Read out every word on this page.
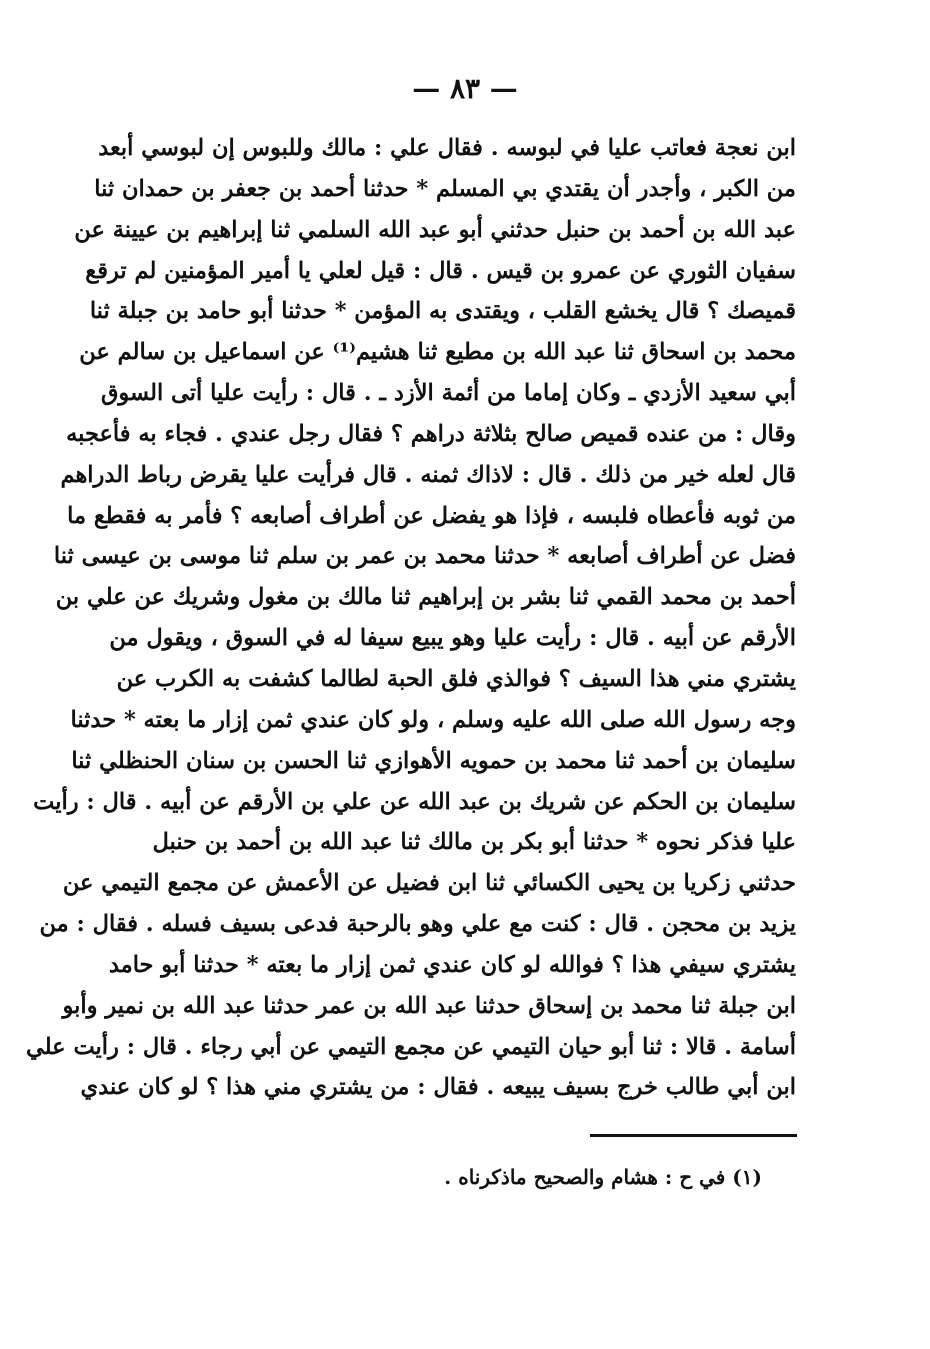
— ٨٣ —
ابن نعجة فعاتب عليا في لبوسه . فقال علي : مالك وللبوس إن لبوسي أبعد
من الكبر ، وأجدر أن يقتدي بي المسلم * حدثنا أحمد بن جعفر بن حمدان ثنا
عبد الله بن أحمد بن حنبل حدثني أبو عبد الله السلمي ثنا إبراهيم بن عيينة عن
سفيان الثوري عن عمرو بن قيس . قال : قيل لعلي يا أمير المؤمنين لم ترقع
قميصك ؟ قال يخشع القلب ، ويقتدى به المؤمن * حدثنا أبو حامد بن جبلة ثنا
محمد بن اسحاق ثنا عبد الله بن مطيع ثنا هشيم⁽¹⁾ عن اسماعيل بن سالم عن
أبي سعيد الأزدي ـ وكان إماما من أئمة الأزد ـ . قال : رأيت عليا أتى السوق
وقال : من عنده قميص صالح بثلاثة دراهم ؟ فقال رجل عندي . فجاء به فأعجبه
قال لعله خير من ذلك . قال : لاذاك ثمنه . قال فرأيت عليا يقرض رباط الدراهم
من ثوبه فأعطاه فلبسه ، فإذا هو يفضل عن أطراف أصابعه ؟ فأمر به فقطع ما
فضل عن أطراف أصابعه * حدثنا محمد بن عمر بن سلم ثنا موسى بن عيسى ثنا
أحمد بن محمد القمي ثنا بشر بن إبراهيم ثنا مالك بن مغول وشريك عن علي بن
الأرقم عن أبيه . قال : رأيت عليا وهو يبيع سيفا له في السوق ، ويقول من
يشتري مني هذا السيف ؟ فوالذي فلق الحبة لطالما كشفت به الكرب عن
وجه رسول الله صلى الله عليه وسلم ، ولو كان عندي ثمن إزار ما بعته * حدثنا
سليمان بن أحمد ثنا محمد بن حمويه الأهوازي ثنا الحسن بن سنان الحنظلي ثنا
سليمان بن الحكم عن شريك بن عبد الله عن علي بن الأرقم عن أبيه . قال : رأيت
عليا فذكر نحوه * حدثنا أبو بكر بن مالك ثنا عبد الله بن أحمد بن حنبل
حدثني زكريا بن يحيى الكسائي ثنا ابن فضيل عن الأعمش عن مجمع التيمي عن
يزيد بن محجن . قال : كنت مع علي وهو بالرحبة فدعى بسيف فسله . فقال : من
يشتري سيفي هذا ؟ فوالله لو كان عندي ثمن إزار ما بعته * حدثنا أبو حامد
ابن جبلة ثنا محمد بن إسحاق حدثنا عبد الله بن عمر حدثنا عبد الله بن نمير وأبو
أسامة . قالا : ثنا أبو حيان التيمي عن مجمع التيمي عن أبي رجاء . قال : رأيت علي
ابن أبي طالب خرج بسيف يبيعه . فقال : من يشتري مني هذا ؟ لو كان عندي
(١) في ح : هشام والصحيح ماذكرناه .
